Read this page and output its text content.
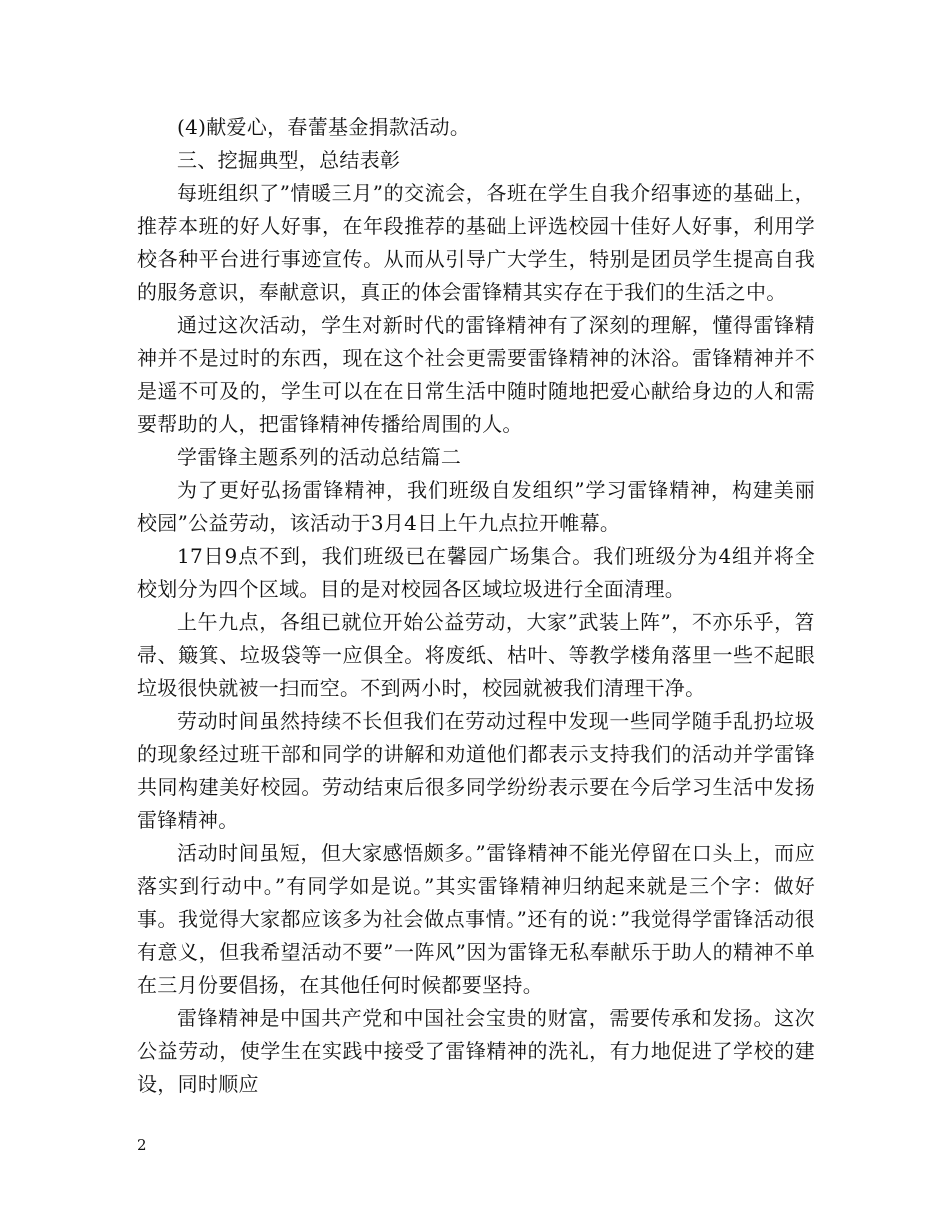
(4)献爱心，春蕾基金捐款活动。

三、挖掘典型，总结表彰

每班组织了”情暖三月”的交流会，各班在学生自我介绍事迹的基础上，推荐本班的好人好事，在年段推荐的基础上评选校园十佳好人好事，利用学校各种平台进行事迹宣传。从而从引导广大学生，特别是团员学生提高自我的服务意识，奉献意识，真正的体会雷锋精其实存在于我们的生活之中。

通过这次活动，学生对新时代的雷锋精神有了深刻的理解，懂得雷锋精神并不是过时的东西，现在这个社会更需要雷锋精神的沐浴。雷锋精神并不是遥不可及的，学生可以在在日常生活中随时随地把爱心献给身边的人和需要帮助的人，把雷锋精神传播给周围的人。

学雷锋主题系列的活动总结篇二

为了更好弘扬雷锋精神，我们班级自发组织”学习雷锋精神，构建美丽校园”公益劳动，该活动于3月4日上午九点拉开帷幕。

17日9点不到，我们班级已在馨园广场集合。我们班级分为4组并将全校划分为四个区域。目的是对校园各区域垃圾进行全面清理。

上午九点，各组已就位开始公益劳动，大家”武装上阵”，不亦乐乎，笤帚、簸箕、垃圾袋等一应俱全。将废纸、枯叶、等教学楼角落里一些不起眼垃圾很快就被一扫而空。不到两小时，校园就被我们清理干净。

劳动时间虽然持续不长但我们在劳动过程中发现一些同学随手乱扔垃圾的现象经过班干部和同学的讲解和劝道他们都表示支持我们的活动并学雷锋共同构建美好校园。劳动结束后很多同学纷纷表示要在今后学习生活中发扬雷锋精神。

活动时间虽短，但大家感悟颇多。”雷锋精神不能光停留在口头上，而应落实到行动中。”有同学如是说。”其实雷锋精神归纳起来就是三个字：做好事。我觉得大家都应该多为社会做点事情。”还有的说：”我觉得学雷锋活动很有意义，但我希望活动不要”一阵风”因为雷锋无私奉献乐于助人的精神不单在三月份要倡扬，在其他任何时候都要坚持。

雷锋精神是中国共产党和中国社会宝贵的财富，需要传承和发扬。这次公益劳动，使学生在实践中接受了雷锋精神的洗礼，有力地促进了学校的建设，同时顺应

2
